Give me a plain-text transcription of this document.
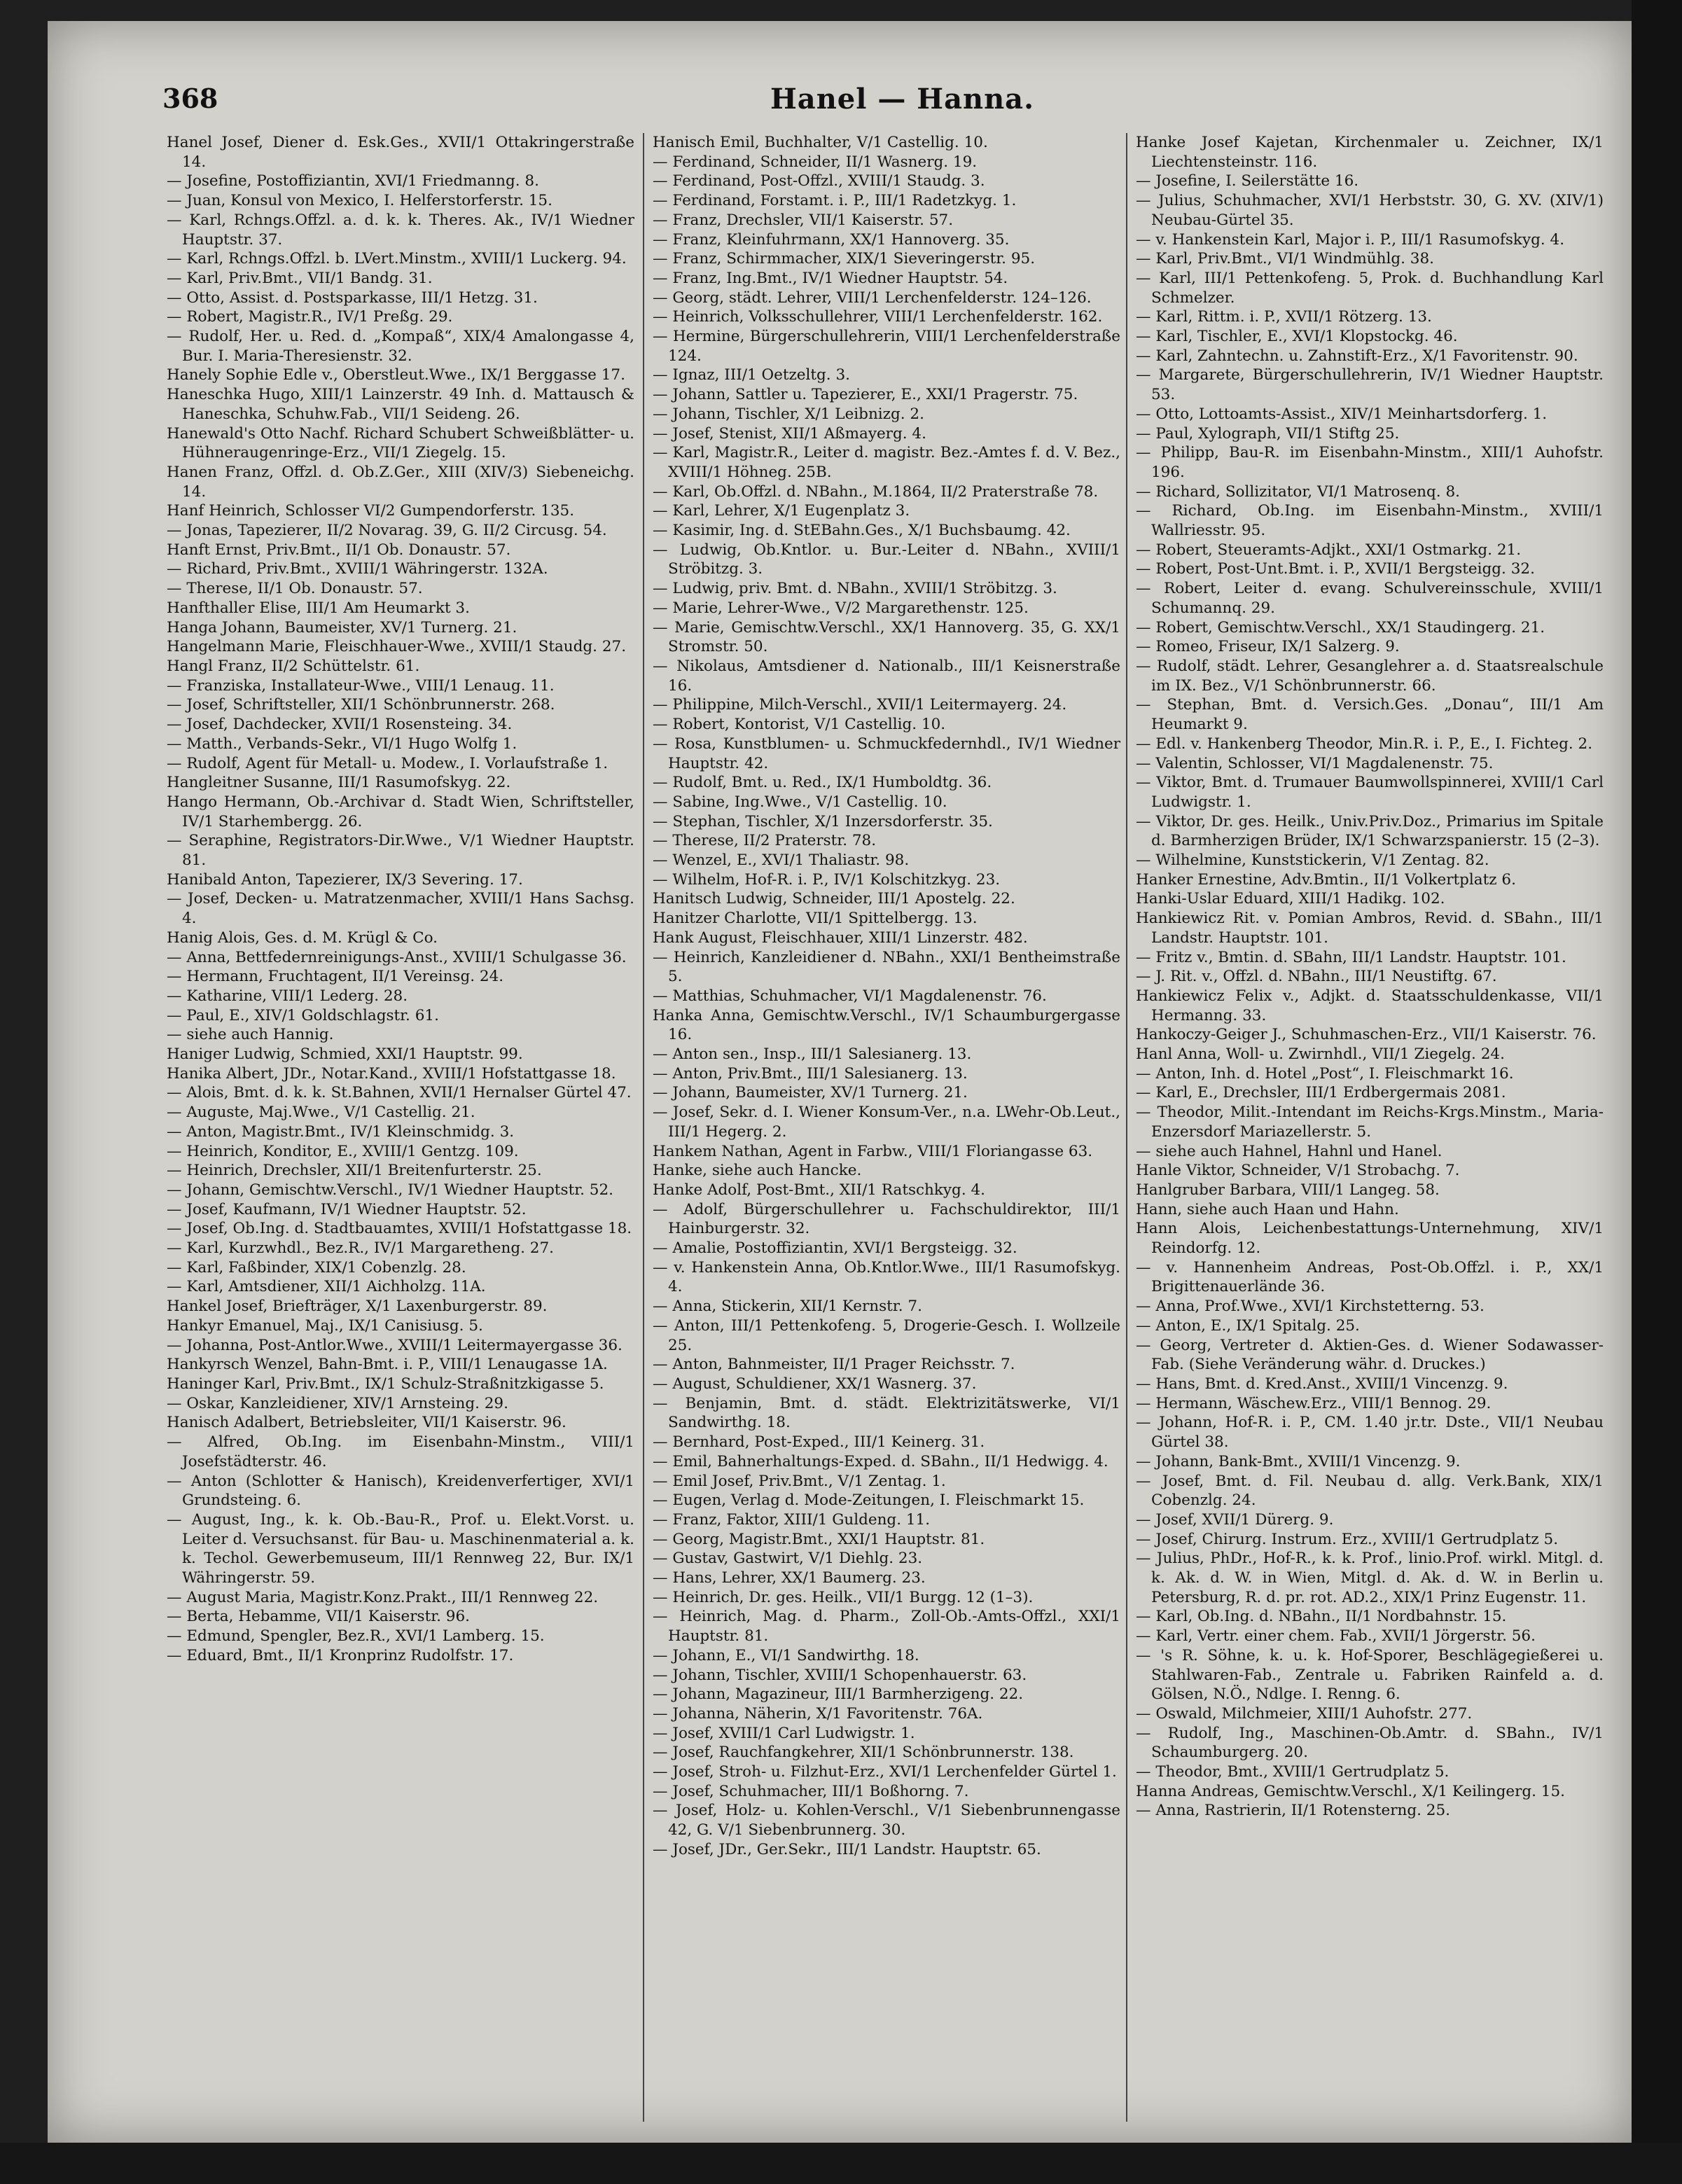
368	Hanel — Hanna.

Hanel Josef, Diener d. Esk.Ges., XVII/1 Ottakringerstraße 14.

— Josefine, Postoffiziantin, XVI/1 Friedmanng. 8.

— Juan, Konsul von Mexico, I. Helferstorferstr. 15.

— Karl, Rchngs.Offzl. a. d. k. k. Theres. Ak., IV/1 Wiedner Hauptstr. 37.

— Karl, Rchngs.Offzl. b. LVert.Minstm., XVIII/1 Luckerg. 94.

— Karl, Priv.Bmt., VII/1 Bandg. 31.

— Otto, Assist. d. Postsparkasse, III/1 Hetzg. 31.

— Robert, Magistr.R., IV/1 Preßg. 29.

— Rudolf, Her. u. Red. d. „Kompaß“, XIX/4 Amalongasse 4, Bur. I. Maria-Theresienstr. 32.

Hanely Sophie Edle v., Oberstleut.Wwe., IX/1 Berggasse 17.

Haneschka Hugo, XIII/1 Lainzerstr. 49 Inh. d. Mattausch & Haneschka, Schuhw.Fab., VII/1 Seideng. 26.

Hanewald's Otto Nachf. Richard Schubert Schweißblätter- u. Hühneraugenringe-Erz., VII/1 Ziegelg. 15.

Hanen Franz, Offzl. d. Ob.Z.Ger., XIII (XIV/3) Siebeneichg. 14.

Hanf Heinrich, Schlosser VI/2 Gumpendorferstr. 135.

— Jonas, Tapezierer, II/2 Novarag. 39, G. II/2 Circusg. 54.

Hanft Ernst, Priv.Bmt., II/1 Ob. Donaustr. 57.

— Richard, Priv.Bmt., XVIII/1 Währingerstr. 132A.

— Therese, II/1 Ob. Donaustr. 57.

Hanfthaller Elise, III/1 Am Heumarkt 3.

Hanga Johann, Baumeister, XV/1 Turnerg. 21.

Hangelmann Marie, Fleischhauer-Wwe., XVIII/1 Staudg. 27.

Hangl Franz, II/2 Schüttelstr. 61.

— Franziska, Installateur-Wwe., VIII/1 Lenaug. 11.

— Josef, Schriftsteller, XII/1 Schönbrunnerstr. 268.

— Josef, Dachdecker, XVII/1 Rosensteing. 34.

— Matth., Verbands-Sekr., VI/1 Hugo Wolfg 1.

— Rudolf, Agent für Metall- u. Modew., I. Vorlaufstraße 1.

Hangleitner Susanne, III/1 Rasumofskyg. 22.

Hango Hermann, Ob.-Archivar d. Stadt Wien, Schriftsteller, IV/1 Starhembergg. 26.

— Seraphine, Registrators-Dir.Wwe., V/1 Wiedner Hauptstr. 81.

Hanibald Anton, Tapezierer, IX/3 Severing. 17.

— Josef, Decken- u. Matratzenmacher, XVIII/1 Hans Sachsg. 4.

Hanig Alois, Ges. d. M. Krügl & Co.

— Anna, Bettfedernreinigungs-Anst., XVIII/1 Schulgasse 36.

— Hermann, Fruchtagent, II/1 Vereinsg. 24.

— Katharine, VIII/1 Lederg. 28.

— Paul, E., XIV/1 Goldschlagstr. 61.

— siehe auch Hannig.

Haniger Ludwig, Schmied, XXI/1 Hauptstr. 99.

Hanika Albert, JDr., Notar.Kand., XVIII/1 Hofstattgasse 18.

— Alois, Bmt. d. k. k. St.Bahnen, XVII/1 Hernalser Gürtel 47.

— Auguste, Maj.Wwe., V/1 Castellig. 21.

— Anton, Magistr.Bmt., IV/1 Kleinschmidg. 3.

— Heinrich, Konditor, E., XVIII/1 Gentzg. 109.

— Heinrich, Drechsler, XII/1 Breitenfurterstr. 25.

— Johann, Gemischtw.Verschl., IV/1 Wiedner Hauptstr. 52.

— Josef, Kaufmann, IV/1 Wiedner Hauptstr. 52.

— Josef, Ob.Ing. d. Stadtbauamtes, XVIII/1 Hofstattgasse 18.

— Karl, Kurzwhdl., Bez.R., IV/1 Margaretheng. 27.

— Karl, Faßbinder, XIX/1 Cobenzlg. 28.

— Karl, Amtsdiener, XII/1 Aichholzg. 11A.

Hankel Josef, Briefträger, X/1 Laxenburgerstr. 89.

Hankyr Emanuel, Maj., IX/1 Canisiusg. 5.

— Johanna, Post-Antlor.Wwe., XVIII/1 Leitermayergasse 36.

Hankyrsch Wenzel, Bahn-Bmt. i. P., VIII/1 Lenaugasse 1A.

Haninger Karl, Priv.Bmt., IX/1 Schulz-Straßnitzkigasse 5.

— Oskar, Kanzleidiener, XIV/1 Arnsteing. 29.

Hanisch Adalbert, Betriebsleiter, VII/1 Kaiserstr. 96.

— Alfred, Ob.Ing. im Eisenbahn-Minstm., VIII/1 Josefstädterstr. 46.

— Anton (Schlotter & Hanisch), Kreidenverfertiger, XVI/1 Grundsteing. 6.

— August, Ing., k. k. Ob.-Bau-R., Prof. u. Elekt.Vorst. u. Leiter d. Versuchsanst. für Bau- u. Maschinenmaterial a. k. k. Techol. Gewerbemuseum, III/1 Rennweg 22, Bur. IX/1 Währingerstr. 59.

— August Maria, Magistr.Konz.Prakt., III/1 Rennweg 22.

— Berta, Hebamme, VII/1 Kaiserstr. 96.

— Edmund, Spengler, Bez.R., XVI/1 Lamberg. 15.

— Eduard, Bmt., II/1 Kronprinz Rudolfstr. 17.

Hanisch Emil, Buchhalter, V/1 Castellig. 10.

— Ferdinand, Schneider, II/1 Wasnerg. 19.

— Ferdinand, Post-Offzl., XVIII/1 Staudg. 3.

— Ferdinand, Forstamt. i. P., III/1 Radetzkyg. 1.

— Franz, Drechsler, VII/1 Kaiserstr. 57.

— Franz, Kleinfuhrmann, XX/1 Hannoverg. 35.

— Franz, Schirmmacher, XIX/1 Sieveringerstr. 95.

— Franz, Ing.Bmt., IV/1 Wiedner Hauptstr. 54.

— Georg, städt. Lehrer, VIII/1 Lerchenfelderstr. 124–126.

— Heinrich, Volksschullehrer, VIII/1 Lerchenfelderstr. 162.

— Hermine, Bürgerschullehrerin, VIII/1 Lerchenfelderstraße 124.

— Ignaz, III/1 Oetzeltg. 3.

— Johann, Sattler u. Tapezierer, E., XXI/1 Pragerstr. 75.

— Johann, Tischler, X/1 Leibnizg. 2.

— Josef, Stenist, XII/1 Aßmayerg. 4.

— Karl, Magistr.R., Leiter d. magistr. Bez.-Amtes f. d. V. Bez., XVIII/1 Höhneg. 25B.

— Karl, Ob.Offzl. d. NBahn., M.1864, II/2 Praterstraße 78.

— Karl, Lehrer, X/1 Eugenplatz 3.

— Kasimir, Ing. d. StEBahn.Ges., X/1 Buchsbaumg. 42.

— Ludwig, Ob.Kntlor. u. Bur.-Leiter d. NBahn., XVIII/1 Ströbitzg. 3.

— Ludwig, priv. Bmt. d. NBahn., XVIII/1 Ströbitzg. 3.

— Marie, Lehrer-Wwe., V/2 Margarethenstr. 125.

— Marie, Gemischtw.Verschl., XX/1 Hannoverg. 35, G. XX/1 Stromstr. 50.

— Nikolaus, Amtsdiener d. Nationalb., III/1 Keisnerstraße 16.

— Philippine, Milch-Verschl., XVII/1 Leitermayerg. 24.

— Robert, Kontorist, V/1 Castellig. 10.

— Rosa, Kunstblumen- u. Schmuckfedernhdl., IV/1 Wiedner Hauptstr. 42.

— Rudolf, Bmt. u. Red., IX/1 Humboldtg. 36.

— Sabine, Ing.Wwe., V/1 Castellig. 10.

— Stephan, Tischler, X/1 Inzersdorferstr. 35.

— Therese, II/2 Praterstr. 78.

— Wenzel, E., XVI/1 Thaliastr. 98.

— Wilhelm, Hof-R. i. P., IV/1 Kolschitzkyg. 23.

Hanitsch Ludwig, Schneider, III/1 Apostelg. 22.

Hanitzer Charlotte, VII/1 Spittelbergg. 13.

Hank August, Fleischhauer, XIII/1 Linzerstr. 482.

— Heinrich, Kanzleidiener d. NBahn., XXI/1 Bentheimstraße 5.

— Matthias, Schuhmacher, VI/1 Magdalenenstr. 76.

Hanka Anna, Gemischtw.Verschl., IV/1 Schaumburgergasse 16.

— Anton sen., Insp., III/1 Salesianerg. 13.

— Anton, Priv.Bmt., III/1 Salesianerg. 13.

— Johann, Baumeister, XV/1 Turnerg. 21.

— Josef, Sekr. d. I. Wiener Konsum-Ver., n.a. LWehr-Ob.Leut., III/1 Hegerg. 2.

Hankem Nathan, Agent in Farbw., VIII/1 Floriangasse 63.

Hanke, siehe auch Hancke.

Hanke Adolf, Post-Bmt., XII/1 Ratschkyg. 4.

— Adolf, Bürgerschullehrer u. Fachschuldirektor, III/1 Hainburgerstr. 32.

— Amalie, Postoffiziantin, XVI/1 Bergsteigg. 32.

— v. Hankenstein Anna, Ob.Kntlor.Wwe., III/1 Rasumofskyg. 4.

— Anna, Stickerin, XII/1 Kernstr. 7.

— Anton, III/1 Pettenkofeng. 5, Drogerie-Gesch. I. Wollzeile 25.

— Anton, Bahnmeister, II/1 Prager Reichsstr. 7.

— August, Schuldiener, XX/1 Wasnerg. 37.

— Benjamin, Bmt. d. städt. Elektrizitätswerke, VI/1 Sandwirthg. 18.

— Bernhard, Post-Exped., III/1 Keinerg. 31.

— Emil, Bahnerhaltungs-Exped. d. SBahn., II/1 Hedwigg. 4.

— Emil Josef, Priv.Bmt., V/1 Zentag. 1.

— Eugen, Verlag d. Mode-Zeitungen, I. Fleischmarkt 15.

— Franz, Faktor, XIII/1 Guldeng. 11.

— Georg, Magistr.Bmt., XXI/1 Hauptstr. 81.

— Gustav, Gastwirt, V/1 Diehlg. 23.

— Hans, Lehrer, XX/1 Baumerg. 23.

— Heinrich, Dr. ges. Heilk., VII/1 Burgg. 12 (1–3).

— Heinrich, Mag. d. Pharm., Zoll-Ob.-Amts-Offzl., XXI/1 Hauptstr. 81.

— Johann, E., VI/1 Sandwirthg. 18.

— Johann, Tischler, XVIII/1 Schopenhauerstr. 63.

— Johann, Magazineur, III/1 Barmherzigeng. 22.

— Johanna, Näherin, X/1 Favoritenstr. 76A.

— Josef, XVIII/1 Carl Ludwigstr. 1.

— Josef, Rauchfangkehrer, XII/1 Schönbrunnerstr. 138.

— Josef, Stroh- u. Filzhut-Erz., XVI/1 Lerchenfelder Gürtel 1.

— Josef, Schuhmacher, III/1 Boßhorng. 7.

— Josef, Holz- u. Kohlen-Verschl., V/1 Siebenbrunnengasse 42, G. V/1 Siebenbrunnerg. 30.

— Josef, JDr., Ger.Sekr., III/1 Landstr. Hauptstr. 65.

Hanke Josef Kajetan, Kirchenmaler u. Zeichner, IX/1 Liechtensteinstr. 116.

— Josefine, I. Seilerstätte 16.

— Julius, Schuhmacher, XVI/1 Herbststr. 30, G. XV. (XIV/1) Neubau-Gürtel 35.

— v. Hankenstein Karl, Major i. P., III/1 Rasumofskyg. 4.

— Karl, Priv.Bmt., VI/1 Windmühlg. 38.

— Karl, III/1 Pettenkofeng. 5, Prok. d. Buchhandlung Karl Schmelzer.

— Karl, Rittm. i. P., XVII/1 Rötzerg. 13.

— Karl, Tischler, E., XVI/1 Klopstockg. 46.

— Karl, Zahntechn. u. Zahnstift-Erz., X/1 Favoritenstr. 90.

— Margarete, Bürgerschullehrerin, IV/1 Wiedner Hauptstr. 53.

— Otto, Lottoamts-Assist., XIV/1 Meinhartsdorferg. 1.

— Paul, Xylograph, VII/1 Stiftg 25.

— Philipp, Bau-R. im Eisenbahn-Minstm., XIII/1 Auhofstr. 196.

— Richard, Sollizitator, VI/1 Matrosenq. 8.

— Richard, Ob.Ing. im Eisenbahn-Minstm., XVIII/1 Wallriesstr. 95.

— Robert, Steueramts-Adjkt., XXI/1 Ostmarkg. 21.

— Robert, Post-Unt.Bmt. i. P., XVII/1 Bergsteigg. 32.

— Robert, Leiter d. evang. Schulvereinsschule, XVIII/1 Schumannq. 29.

— Robert, Gemischtw.Verschl., XX/1 Staudingerg. 21.

— Romeo, Friseur, IX/1 Salzerg. 9.

— Rudolf, städt. Lehrer, Gesanglehrer a. d. Staatsrealschule im IX. Bez., V/1 Schönbrunnerstr. 66.

— Stephan, Bmt. d. Versich.Ges. „Donau“, III/1 Am Heumarkt 9.

— Edl. v. Hankenberg Theodor, Min.R. i. P., E., I. Fichteg. 2.

— Valentin, Schlosser, VI/1 Magdalenenstr. 75.

— Viktor, Bmt. d. Trumauer Baumwollspinnerei, XVIII/1 Carl Ludwigstr. 1.

— Viktor, Dr. ges. Heilk., Univ.Priv.Doz., Primarius im Spitale d. Barmherzigen Brüder, IX/1 Schwarzspanierstr. 15 (2–3).

— Wilhelmine, Kunststickerin, V/1 Zentag. 82.

Hanker Ernestine, Adv.Bmtin., II/1 Volkertplatz 6.

Hanki-Uslar Eduard, XIII/1 Hadikg. 102.

Hankiewicz Rit. v. Pomian Ambros, Revid. d. SBahn., III/1 Landstr. Hauptstr. 101.

— Fritz v., Bmtin. d. SBahn, III/1 Landstr. Hauptstr. 101.

— J. Rit. v., Offzl. d. NBahn., III/1 Neustiftg. 67.

Hankiewicz Felix v., Adjkt. d. Staatsschuldenkasse, VII/1 Hermanng. 33.

Hankoczy-Geiger J., Schuhmaschen-Erz., VII/1 Kaiserstr. 76.

Hanl Anna, Woll- u. Zwirnhdl., VII/1 Ziegelg. 24.

— Anton, Inh. d. Hotel „Post“, I. Fleischmarkt 16.

— Karl, E., Drechsler, III/1 Erdbergermais 2081.

— Theodor, Milit.-Intendant im Reichs-Krgs.Minstm., Maria-Enzersdorf Mariazellerstr. 5.

— siehe auch Hahnel, Hahnl und Hanel.

Hanle Viktor, Schneider, V/1 Strobachg. 7.

Hanlgruber Barbara, VIII/1 Langeg. 58.

Hann, siehe auch Haan und Hahn.

Hann Alois, Leichenbestattungs-Unternehmung, XIV/1 Reindorfg. 12.

— v. Hannenheim Andreas, Post-Ob.Offzl. i. P., XX/1 Brigittenauerlände 36.

— Anna, Prof.Wwe., XVI/1 Kirchstetterng. 53.

— Anton, E., IX/1 Spitalg. 25.

— Georg, Vertreter d. Aktien-Ges. d. Wiener Sodawasser-Fab. (Siehe Veränderung währ. d. Druckes.)

— Hans, Bmt. d. Kred.Anst., XVIII/1 Vincenzg. 9.

— Hermann, Wäschew.Erz., VIII/1 Bennog. 29.

— Johann, Hof-R. i. P., CM. 1.40 jr.tr. Dste., VII/1 Neubau Gürtel 38.

— Johann, Bank-Bmt., XVIII/1 Vincenzg. 9.

— Josef, Bmt. d. Fil. Neubau d. allg. Verk.Bank, XIX/1 Cobenzlg. 24.

— Josef, XVII/1 Dürerg. 9.

— Josef, Chirurg. Instrum. Erz., XVIII/1 Gertrudplatz 5.

— Julius, PhDr., Hof-R., k. k. Prof., linio.Prof. wirkl. Mitgl. d. k. Ak. d. W. in Wien, Mitgl. d. Ak. d. W. in Berlin u. Petersburg, R. d. pr. rot. AD.2., XIX/1 Prinz Eugenstr. 11.

— Karl, Ob.Ing. d. NBahn., II/1 Nordbahnstr. 15.

— Karl, Vertr. einer chem. Fab., XVII/1 Jörgerstr. 56.

— 's R. Söhne, k. u. k. Hof-Sporer, Beschlägegießerei u. Stahlwaren-Fab., Zentrale u. Fabriken Rainfeld a. d. Gölsen, N.Ö., Ndlge. I. Renng. 6.

— Oswald, Milchmeier, XIII/1 Auhofstr. 277.

— Rudolf, Ing., Maschinen-Ob.Amtr. d. SBahn., IV/1 Schaumburgerg. 20.

— Theodor, Bmt., XVIII/1 Gertrudplatz 5.

Hanna Andreas, Gemischtw.Verschl., X/1 Keilingerg. 15.

— Anna, Rastrierin, II/1 Rotensterng. 25.
